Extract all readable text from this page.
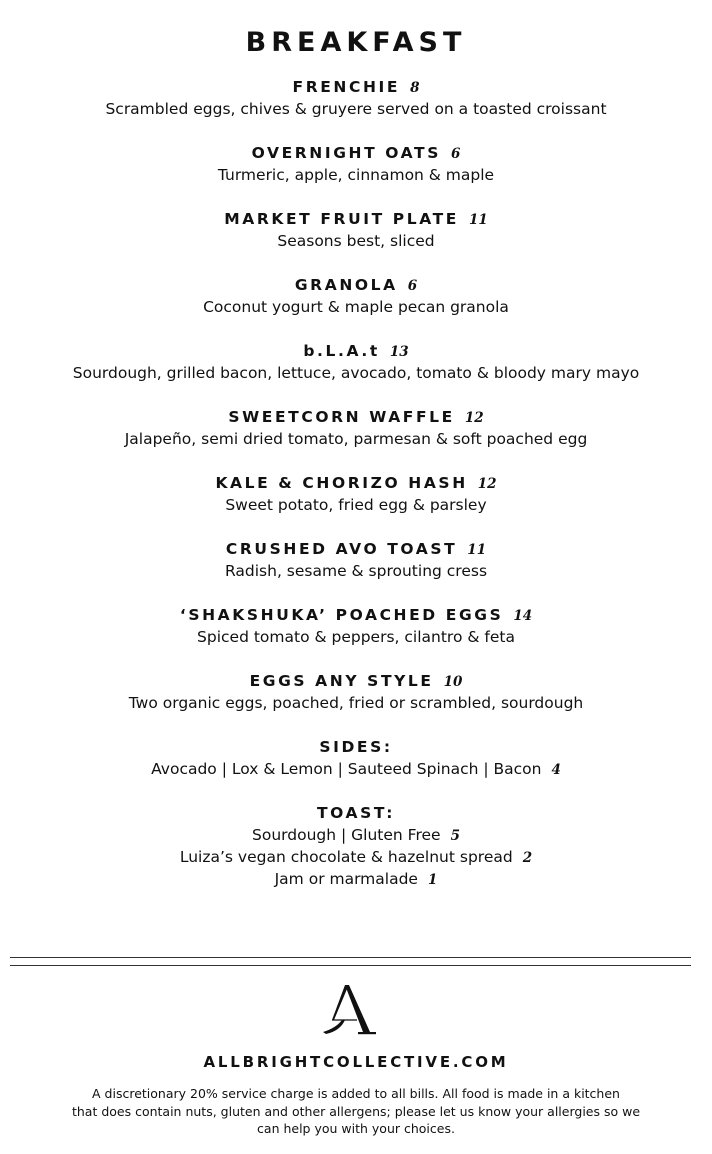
BREAKFAST
FRENCHIE 8
Scrambled eggs, chives & gruyere served on a toasted croissant
OVERNIGHT OATS 6
Turmeric, apple, cinnamon & maple
MARKET FRUIT PLATE 11
Seasons best, sliced
GRANOLA 6
Coconut yogurt & maple pecan granola
b.L.A.t 13
Sourdough, grilled bacon, lettuce, avocado, tomato & bloody mary mayo
SWEETCORN WAFFLE 12
Jalapeño, semi dried tomato, parmesan & soft poached egg
KALE & CHORIZO HASH 12
Sweet potato, fried egg & parsley
CRUSHED AVO TOAST 11
Radish, sesame & sprouting cress
‘SHAKSHUKA’ POACHED EGGS 14
Spiced tomato & peppers, cilantro & feta
EGGS ANY STYLE 10
Two organic eggs, poached, fried or scrambled, sourdough
SIDES:
Avocado | Lox & Lemon | Sauteed Spinach | Bacon 4
TOAST:
Sourdough | Gluten Free 5
Luiza’s vegan chocolate & hazelnut spread 2
Jam or marmalade 1
ALLBRIGHTCOLLECTIVE.COM
A discretionary 20% service charge is added to all bills. All food is made in a kitchen
that does contain nuts, gluten and other allergens; please let us know your allergies so we
can help you with your choices.
